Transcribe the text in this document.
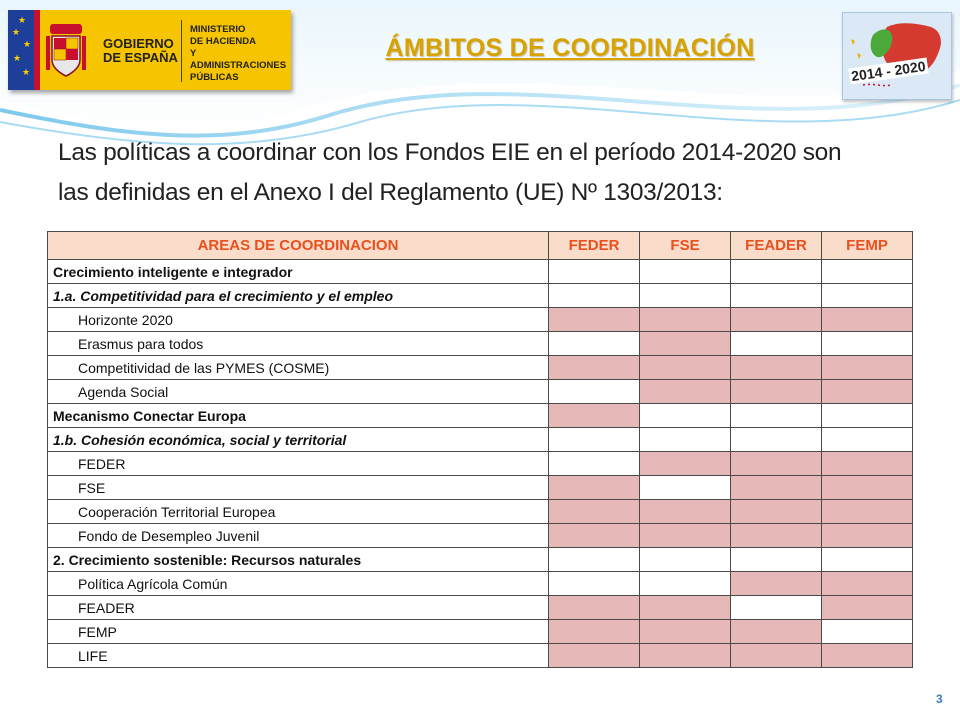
★
★
★
★
★
GOBIERNO
DE ESPAÑA
MINISTERIO
DE HACIENDA
Y ADMINISTRACIONES
PÚBLICAS
ÁMBITOS DE COORDINACIÓN
2014 - 2020
Las políticas a coordinar con los Fondos EIE en el período 2014-2020 son
las definidas en el Anexo I del Reglamento (UE) Nº 1303/2013:
AREAS DE COORDINACION	FEDER	FSE	FEADER	FEMP
Crecimiento inteligente e integrador				
1.a. Competitividad para el crecimiento y el empleo				
Horizonte 2020				
Erasmus para todos				
Competitividad de las PYMES (COSME)				
Agenda Social				
Mecanismo Conectar Europa				
1.b. Cohesión económica, social y territorial				
FEDER				
FSE				
Cooperación Territorial Europea				
Fondo de Desempleo Juvenil				
2. Crecimiento sostenible: Recursos naturales				
Política Agrícola Común				
FEADER				
FEMP				
LIFE				
3
